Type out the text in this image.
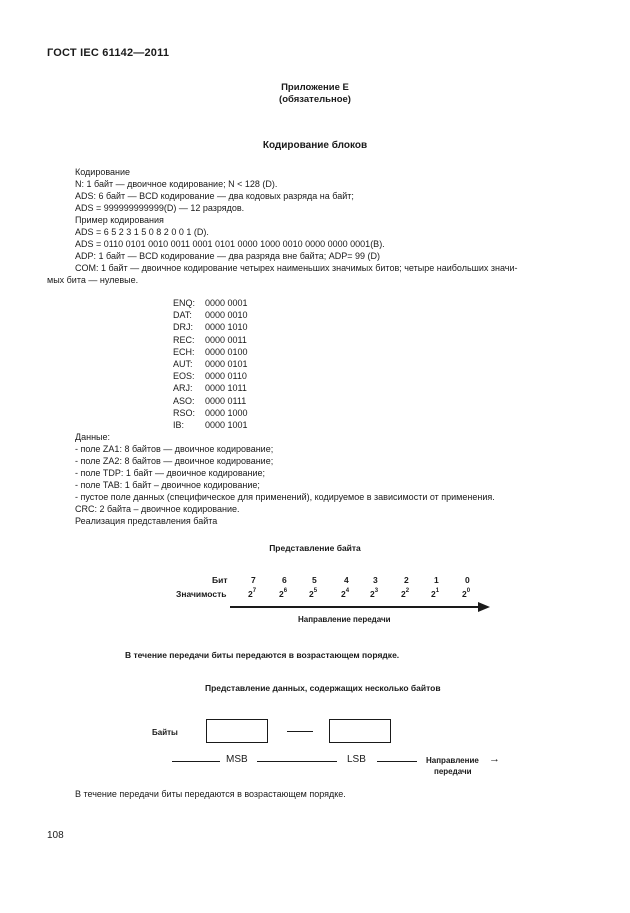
ГОСТ IEC 61142—2011
Приложение Е
(обязательное)
Кодирование блоков
Кодирование
N: 1 байт — двоичное кодирование; N < 128 (D).
ADS: 6 байт — BCD кодирование — два кодовых разряда на байт;
ADS = 999999999999(D) — 12 разрядов.
Пример кодирования
ADS = 6 5 2 3 1 5 0 8 2 0 0 1 (D).
ADS = 0110 0101 0010 0011 0001 0101 0000 1000 0010 0000 0000 0001(B).
ADP: 1 байт — BCD кодирование — два разряда вне байта; ADP= 99 (D)
COM: 1 байт — двоичное кодирование четырех наименьших значимых битов; четыре наибольших значи-
мых бита — нулевые.
ENQ:	0000 0001
DAT:	0000 0010
DRJ:	0000 1010
REC:	0000 0011
ECH:	0000 0100
AUT:	0000 0101
EOS:	0000 0110
ARJ:	0000 1011
ASO:	0000 0111
RSO:	0000 1000
IB:	0000 1001
Данные:
- поле ZA1: 8 байтов — двоичное кодирование;
- поле ZA2: 8 байтов — двоичное кодирование;
- поле TDP: 1 байт — двоичное кодирование;
- поле TAB: 1 байт – двоичное кодирование;
- пустое поле данных (специфическое для применений), кодируемое в зависимости от применения.
CRC: 2 байта – двоичное кодирование.
Реализация представления байта
Представление байта
Бит	7	6	5	4	3	2	1	0
Значимость	$2^7$	$2^6$	$2^5$	$2^4$ $2^3$	$2^2$	$2^1$	$2^0$
Направление передачи
В течение передачи биты передаются в возрастающем порядке.
Представление данных, содержащих несколько байтов
Байты
MSB	LSB	Направление →
передачи
В течение передачи биты передаются в возрастающем порядке.
108
